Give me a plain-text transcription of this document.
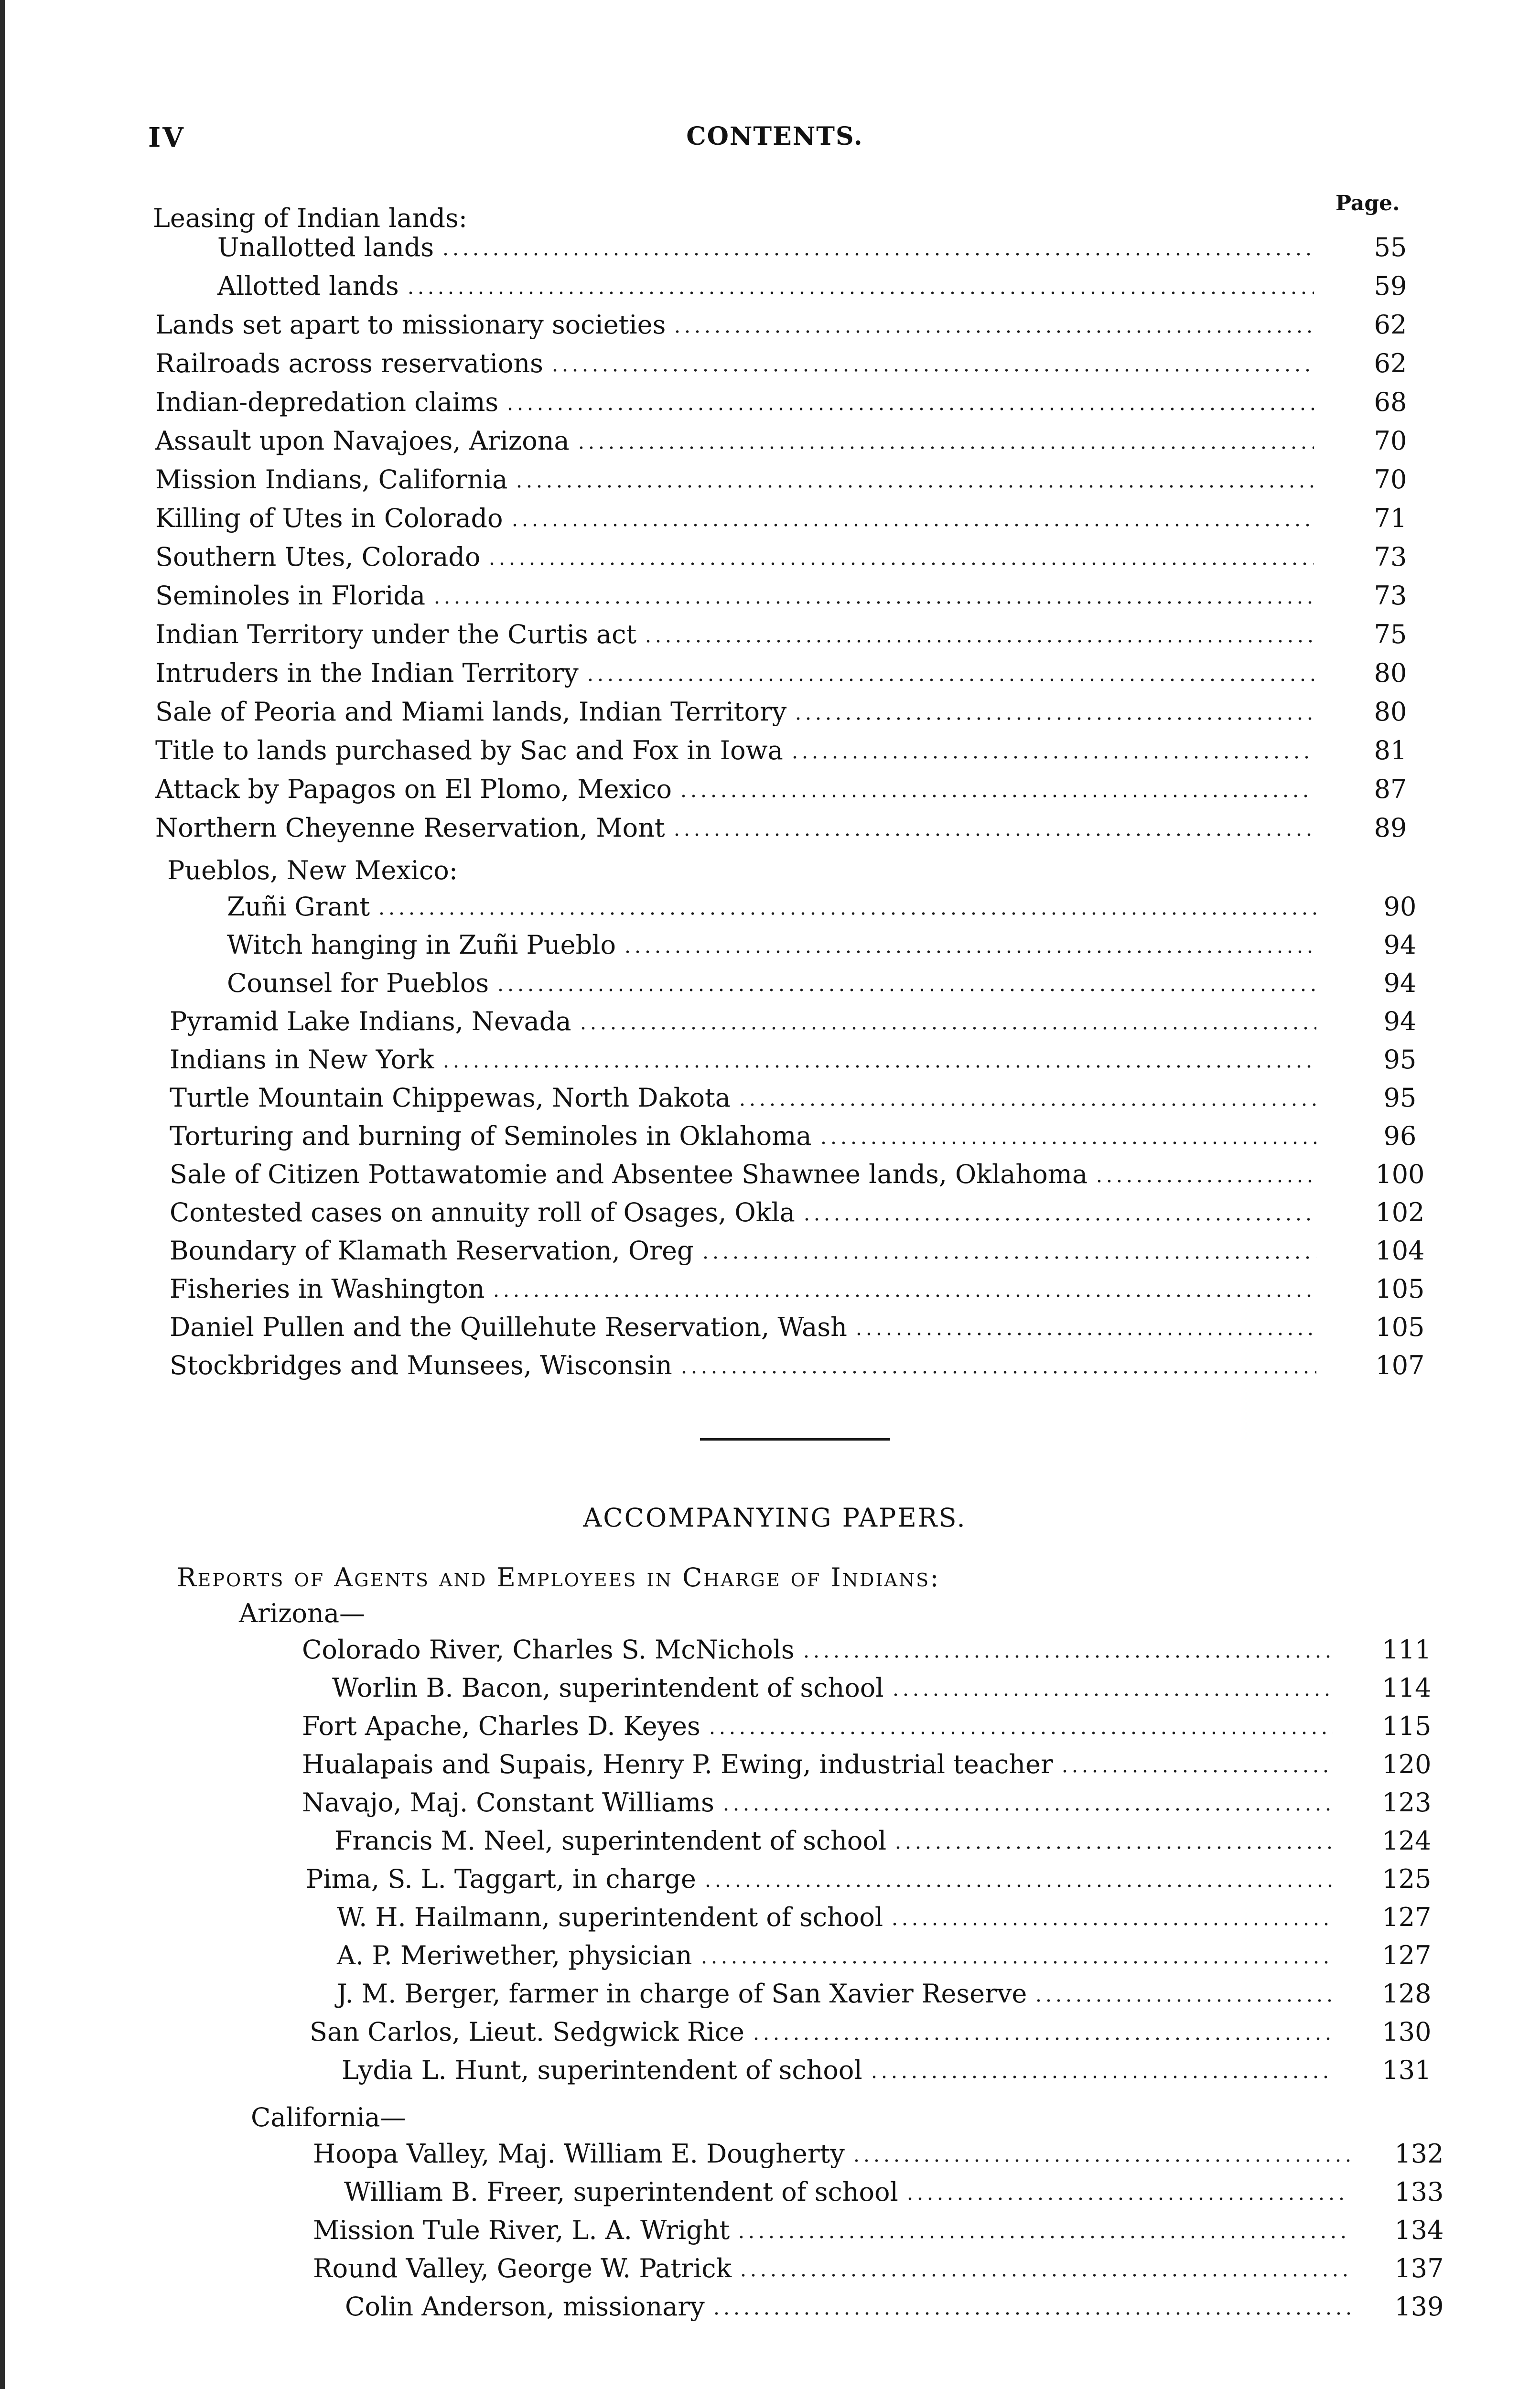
IV	CONTENTS.
Page.
Leasing of Indian lands:
Unallotted lands	55
Allotted lands	59
Lands set apart to missionary societies	62
Railroads across reservations	62
Indian-depredation claims	68
Assault upon Navajoes, Arizona	70
Mission Indians, California	70
Killing of Utes in Colorado	71
Southern Utes, Colorado	73
Seminoles in Florida	73
Indian Territory under the Curtis act	75
Intruders in the Indian Territory	80
Sale of Peoria and Miami lands, Indian Territory	80
Title to lands purchased by Sac and Fox in Iowa	81
Attack by Papagos on El Plomo, Mexico	87
Northern Cheyenne Reservation, Mont	89
Pueblos, New Mexico:
Zuñi Grant	90
Witch hanging in Zuñi Pueblo	94
Counsel for Pueblos	94
Pyramid Lake Indians, Nevada	94
Indians in New York	95
Turtle Mountain Chippewas, North Dakota	95
Torturing and burning of Seminoles in Oklahoma	96
Sale of Citizen Pottawatomie and Absentee Shawnee lands, Oklahoma	100
Contested cases on annuity roll of Osages, Okla	102
Boundary of Klamath Reservation, Oreg	104
Fisheries in Washington	105
Daniel Pullen and the Quillehute Reservation, Wash	105
Stockbridges and Munsees, Wisconsin	107
ACCOMPANYING PAPERS.
Reports of Agents and Employees in Charge of Indians:
Arizona—
Colorado River, Charles S. McNichols	111
Worlin B. Bacon, superintendent of school	114
Fort Apache, Charles D. Keyes	115
Hualapais and Supais, Henry P. Ewing, industrial teacher	120
Navajo, Maj. Constant Williams	123
Francis M. Neel, superintendent of school	124
Pima, S. L. Taggart, in charge	125
W. H. Hailmann, superintendent of school	127
A. P. Meriwether, physician	127
J. M. Berger, farmer in charge of San Xavier Reserve	128
San Carlos, Lieut. Sedgwick Rice	130
Lydia L. Hunt, superintendent of school	131
California—
Hoopa Valley, Maj. William E. Dougherty	132
William B. Freer, superintendent of school	133
Mission Tule River, L. A. Wright	134
Round Valley, George W. Patrick	137
Colin Anderson, missionary	139
